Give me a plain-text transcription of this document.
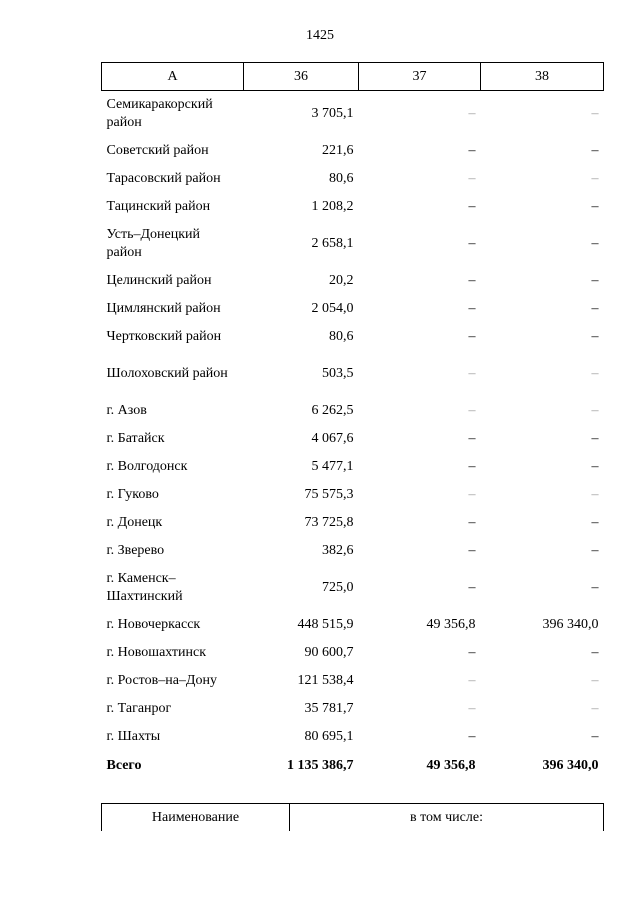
1425
А	36	37	38
Семикаракорский район	3 705,1	–	–
Советский район	221,6	–	–
Тарасовский район	80,6	–	–
Тацинский район	1 208,2	–	–
Усть–Донецкий район	2 658,1	–	–
Целинский район	20,2	–	–
Цимлянский район	2 054,0	–	–
Чертковский район	80,6	–	–
Шолоховский район	503,5	–	–
г. Азов	6 262,5	–	–
г. Батайск	4 067,6	–	–
г. Волгодонск	5 477,1	–	–
г. Гуково	75 575,3	–	–
г. Донецк	73 725,8	–	–
г. Зверево	382,6	–	–
г. Каменск–Шахтинский	725,0	–	–
г. Новочеркасск	448 515,9	49 356,8	396 340,0
г. Новошахтинск	90 600,7	–	–
г. Ростов–на–Дону	121 538,4	–	–
г. Таганрог	35 781,7	–	–
г. Шахты	80 695,1	–	–
Всего	1 135 386,7	49 356,8	396 340,0
Наименование	в том числе:
